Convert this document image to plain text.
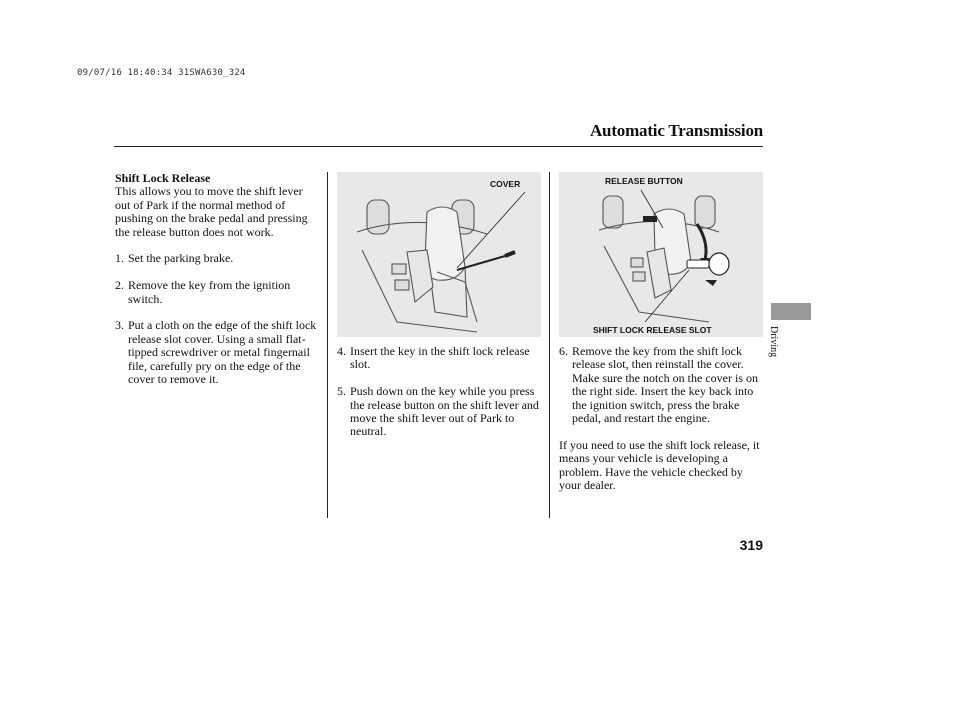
09/07/16 18:40:34 31SWA630_324
Automatic Transmission

Shift Lock Release

This allows you to move the shift lever out of Park if the normal method of pushing on the brake pedal and pressing the release button does not work.

1. Set the parking brake.
2. Remove the key from the ignition switch.
3. Put a cloth on the edge of the shift lock release slot cover. Using a small flat-tipped screwdriver or metal fingernail file, carefully pry on the edge of the cover to remove it.
COVER
4. Insert the key in the shift lock release slot.
5. Push down on the key while you press the release button on the shift lever and move the shift lever out of Park to neutral.
RELEASE BUTTON
SHIFT LOCK RELEASE SLOT
6. Remove the key from the shift lock release slot, then reinstall the cover. Make sure the notch on the cover is on the right side. Insert the key back into the ignition switch, press the brake pedal, and restart the engine.

If you need to use the shift lock release, it means your vehicle is developing a problem. Have the vehicle checked by your dealer.

Driving
319
